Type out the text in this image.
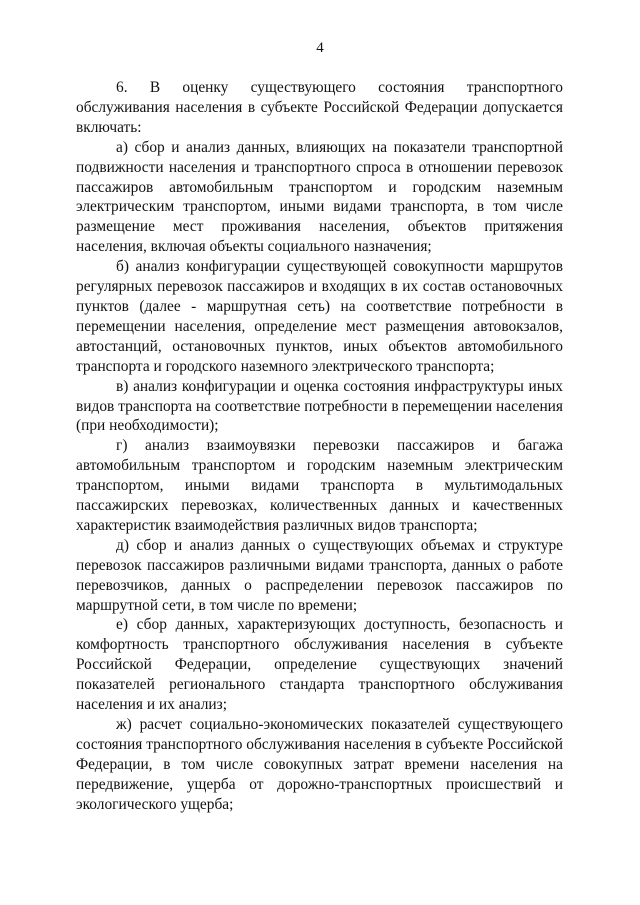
4

6. В оценку существующего состояния транспортного обслуживания населения в субъекте Российской Федерации допускается включать:

а) сбор и анализ данных, влияющих на показатели транспортной подвижности населения и транспортного спроса в отношении перевозок пассажиров автомобильным транспортом и городским наземным электрическим транспортом, иными видами транспорта, в том числе размещение мест проживания населения, объектов притяжения населения, включая объекты социального назначения;

б) анализ конфигурации существующей совокупности маршрутов регулярных перевозок пассажиров и входящих в их состав остановочных пунктов (далее - маршрутная сеть) на соответствие потребности в перемещении населения, определение мест размещения автовокзалов, автостанций, остановочных пунктов, иных объектов автомобильного транспорта и городского наземного электрического транспорта;

в) анализ конфигурации и оценка состояния инфраструктуры иных видов транспорта на соответствие потребности в перемещении населения (при необходимости);

г) анализ взаимоувязки перевозки пассажиров и багажа автомобильным транспортом и городским наземным электрическим транспортом, иными видами транспорта в мультимодальных пассажирских перевозках, количественных данных и качественных характеристик взаимодействия различных видов транспорта;

д) сбор и анализ данных о существующих объемах и структуре перевозок пассажиров различными видами транспорта, данных о работе перевозчиков, данных о распределении перевозок пассажиров по маршрутной сети, в том числе по времени;

е) сбор данных, характеризующих доступность, безопасность и комфортность транспортного обслуживания населения в субъекте Российской Федерации, определение существующих значений показателей регионального стандарта транспортного обслуживания населения и их анализ;

ж) расчет социально-экономических показателей существующего состояния транспортного обслуживания населения в субъекте Российской Федерации, в том числе совокупных затрат времени населения на передвижение, ущерба от дорожно-транспортных происшествий и экологического ущерба;
